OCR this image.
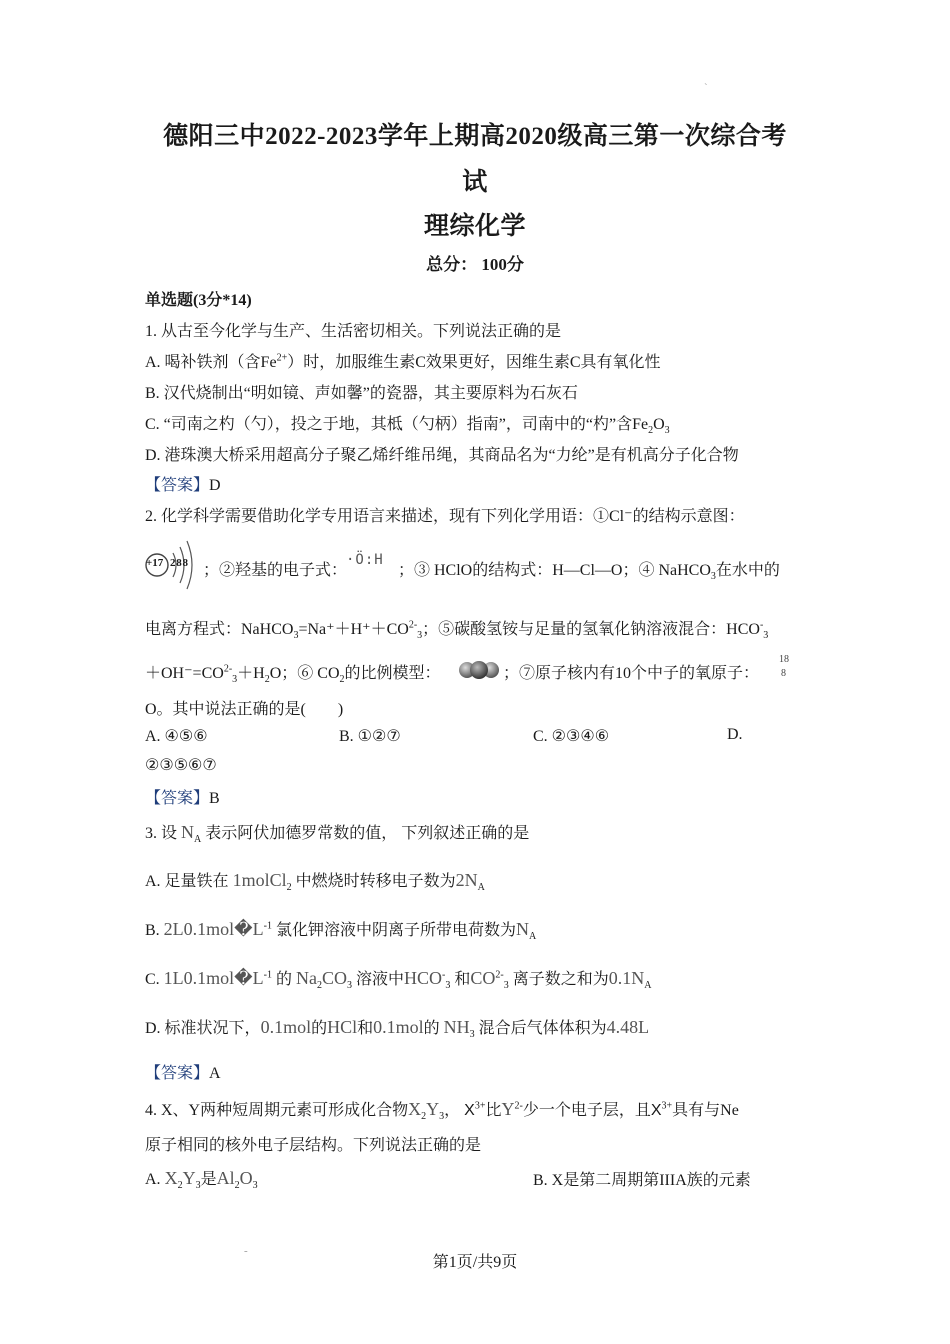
ˋ
-
德阳三中2022-2023学年上期高2020级高三第一次综合考
试
理综化学
总分： 100分
单选题(3分*14)
1. 从古至今化学与生产、生活密切相关。下列说法正确的是
A. 喝补铁剂（含$Fe^{2+}$）时，加服维生素C效果更好，因维生素C具有氧化性
B. 汉代烧制出“明如镜、声如馨”的瓷器，其主要原料为石灰石
C. “司南之杓（勺），投之于地，其柢（勺柄）指南”，司南中的“杓”含$Fe_2O_3$
D. 港珠澳大桥采用超高分子聚乙烯纤维吊绳，其商品名为“力纶”是有机高分子化合物
【答案】D
2. 化学科学需要借助化学专用语言来描述，现有下列化学用语：①Cl⁻的结构示意图：
+17 2 8 8 ；②羟基的电子式：
·Ö:H
；③ HClO的结构式：H—Cl—O；④ NaHCO$_3$在水中的
电离方程式：$NaHCO_3=Na^++H^++CO^{2-}_3$；⑤碳酸氢铵与足量的氢氧化钠溶液混合：$HCO^-_3$
$+OH^-=CO^{2-}_3+H_2O$；⑥ $CO_2$的比例模型：	；⑦原子核内有10个中子的氧原子：
18
8
O。其中说法正确的是(　　)
A. ④⑤⑥	B. ①②⑦	C. ②③④⑥	D.
②③⑤⑥⑦
【答案】B
3. 设 $N_A$ 表示阿伏加德罗常数的值， 下列叙述正确的是
A. 足量铁在 1molCl$_2$ 中燃烧时转移电子数为$2N_A$
B. $2L0.1mol�L^{-1}$ 氯化钾溶液中阴离子所带电荷数为$N_A$
C. $1L0.1mol�L^{-1}$ 的 $Na_2CO_3$ 溶液中$HCO^-_3$ 和$CO^{2-}_3$ 离子数之和为$0.1N_A$
D. 标准状况下，0.1mol的HCl和0.1mol的 $NH_3$ 混合后气体体积为4.48L
【答案】A
4. X、Y两种短周期元素可形成化合物$X_2Y_3$， $X^{3+}$比$Y^{2-}$少一个电子层，且$X^{3+}$具有与Ne
原子相同的核外电子层结构。下列说法正确的是
A. $X_2Y_3$是$Al_2O_3$	B. X是第二周期第IIIA族的元素
第1页/共9页
